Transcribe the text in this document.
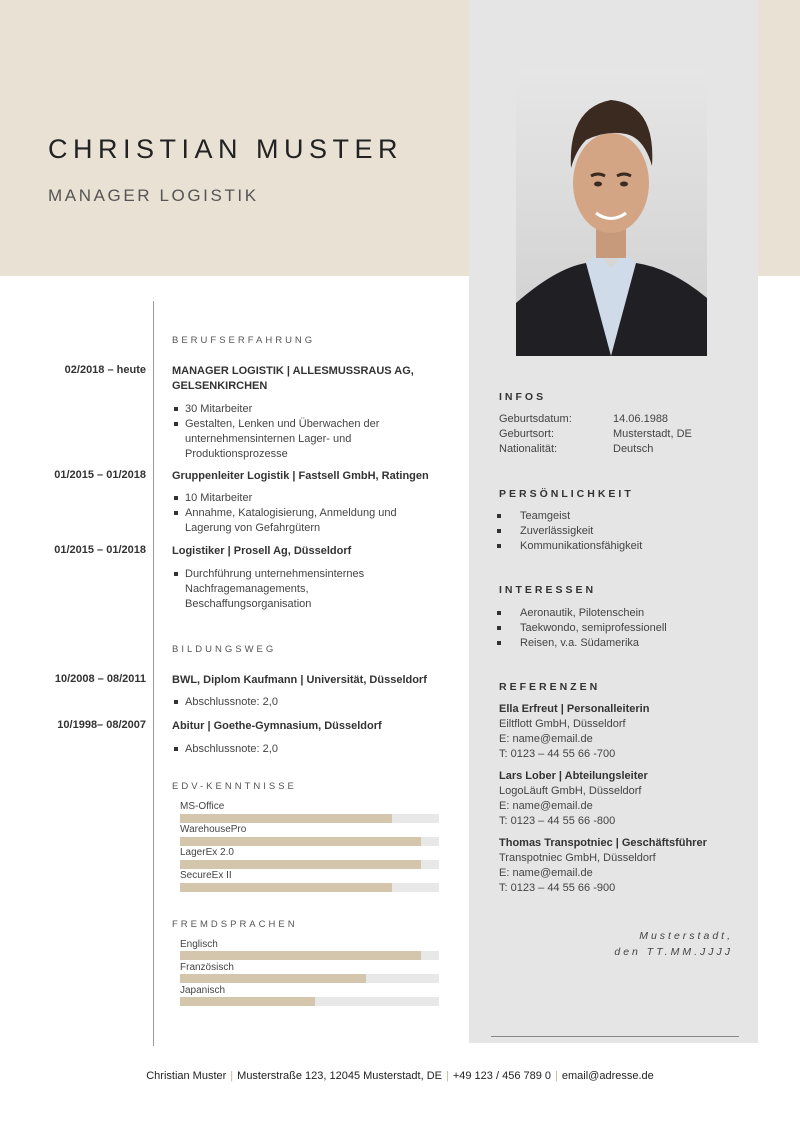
CHRISTIAN MUSTER
MANAGER LOGISTIK
BERUFSERFAHRUNG
02/2018 – heute MANAGER LOGISTIK | ALLESMUSSRAUS AG, GELSENKIRCHEN
30 Mitarbeiter
Gestalten, Lenken und Überwachen der unternehmensinternen Lager- und Produktionsprozesse
01/2015 – 01/2018 Gruppenleiter Logistik | Fastsell GmbH, Ratingen
10 Mitarbeiter
Annahme, Katalogisierung, Anmeldung und Lagerung von Gefahrgütern
01/2015 – 01/2018 Logistiker | Prosell Ag, Düsseldorf
Durchführung unternehmensinternes Nachfragemanagements, Beschaffungsorganisation
BILDUNGSWEG
10/2008 – 08/2011 BWL, Diplom Kaufmann | Universität, Düsseldorf
Abschlussnote: 2,0
10/1998– 08/2007 Abitur | Goethe-Gymnasium, Düsseldorf
Abschlussnote: 2,0
EDV-KENNTNISSE
MS-Office
WarehousePro
LagerEx 2.0
SecureEx II
FREMDSPRACHEN
Englisch
Französisch
Japanisch
INFOS
Geburtsdatum:	14.06.1988
Geburtsort:	Musterstadt, DE
Nationalität:	Deutsch
PERSÖNLICHKEIT
Teamgeist
Zuverlässigkeit
Kommunikationsfähigkeit
INTERESSEN
Aeronautik, Pilotenschein
Taekwondo, semiprofessionell
Reisen, v.a. Südamerika
REFERENZEN
Ella Erfreut | Personalleiterin
Eiltflott GmbH, Düsseldorf
E: name@email.de
T: 0123 – 44 55 66 -700
Lars Lober | Abteilungsleiter
LogoLäuft GmbH, Düsseldorf
E: name@email.de
T: 0123 – 44 55 66 -800
Thomas Transpotniec | Geschäftsführer
Transpotniec GmbH, Düsseldorf
E: name@email.de
T: 0123 – 44 55 66 -900
Musterstadt,
den TT.MM.JJJJ
Christian Muster | Musterstraße 123, 12045 Musterstadt, DE | +49 123 / 456 789 0 | email@adresse.de
